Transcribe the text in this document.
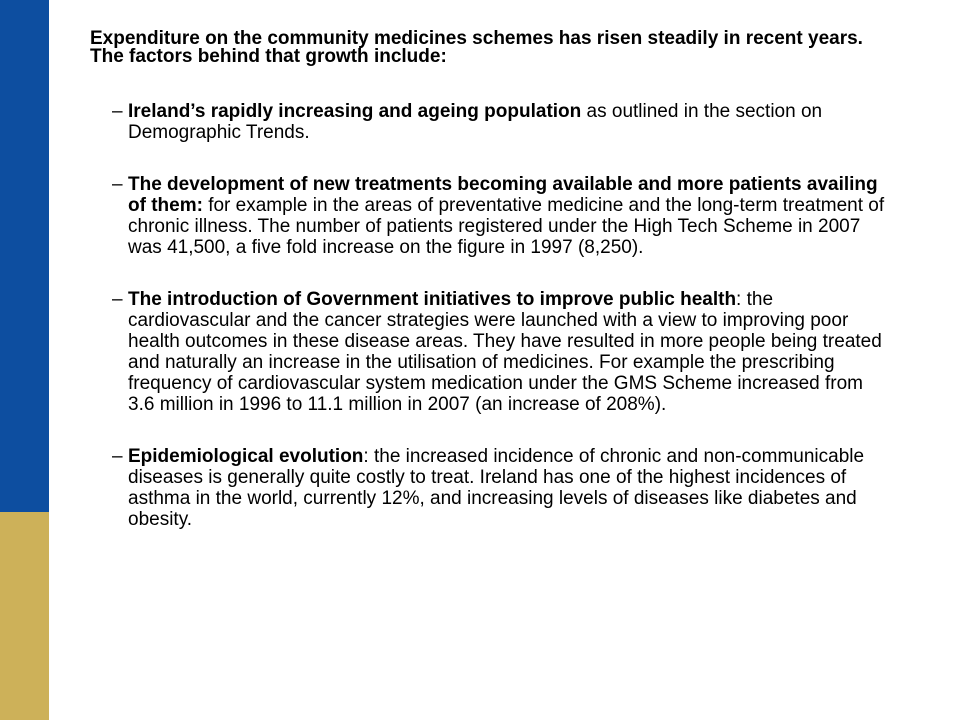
Expenditure on the community medicines schemes has risen steadily in recent years. The factors behind that growth include:

– Ireland’s rapidly increasing and ageing population as outlined in the section on Demographic Trends.
– The development of new treatments becoming available and more patients availing of them: for example in the areas of preventative medicine and the long-term treatment of chronic illness. The number of patients registered under the High Tech Scheme in 2007 was 41,500, a five fold increase on the figure in 1997 (8,250).
– The introduction of Government initiatives to improve public health: the cardiovascular and the cancer strategies were launched with a view to improving poor health outcomes in these disease areas. They have resulted in more people being treated and naturally an increase in the utilisation of medicines. For example the prescribing frequency of cardiovascular system medication under the GMS Scheme increased from 3.6 million in 1996 to 11.1 million in 2007 (an increase of 208%).
– Epidemiological evolution: the increased incidence of chronic and non-communicable diseases is generally quite costly to treat. Ireland has one of the highest incidences of asthma in the world, currently 12%, and increasing levels of diseases like diabetes and obesity.
